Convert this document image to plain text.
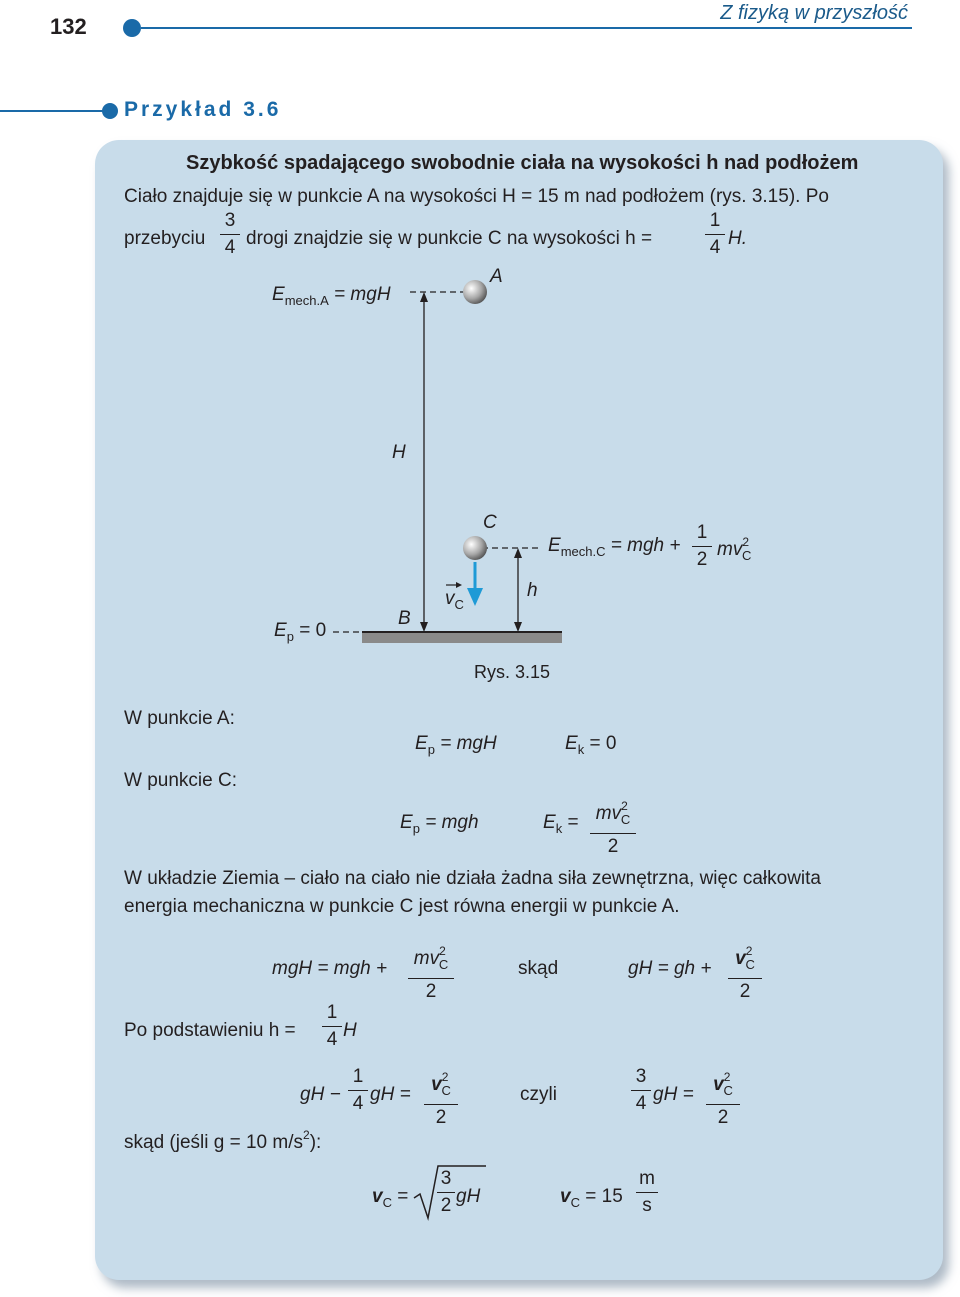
132
Z fizyką w przyszłość
Przykład 3.6
Szybkość spadającego swobodnie ciała na wysokości h nad podłożem
Ciało znajduje się w punkcie A na wysokości H = 15 m nad podłożem (rys. 3.15). Po
przebyciu
3
4 drogi znajdzie się w punkcie C na wysokości h =
1
4 H.
$E_{mech.A}$ = mgH
A
H
C
$E_{mech.C}$ = mgh +
1
2 $mv^2_C$
h
$v_C$
B
$E_p = 0$
Rys. 3.15
W punkcie A:
W punkcie C:
$E_p$ = mgH	$E_k = 0$
$E_p$ = mgh	$E_k = mv^2_C$
2
W układzie Ziemia – ciało na ciało nie działa żadna siła zewnętrzna, więc całkowita
energia mechaniczna w punkcie C jest równa energii w punkcie A.
mgH = mgh +	$mv^2_C$
2
skąd	gH = gh +	$v^2_C$
2
Po podstawieniu h =
1
4 H
gH −
1
4 gH =	$v^2_C$
2
czyli
3
4 gH =	$v^2_C$
2
skąd (jeśli g = 10 $m/s^2$):
$v_C$ =
3
2 gH	$v_C = 15$
m
s
